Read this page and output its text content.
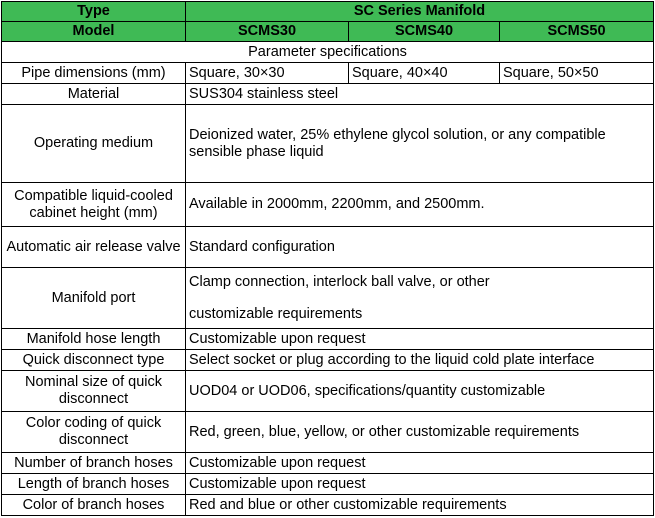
Type	SC Series Manifold		
Model	SCMS30	SCMS40	SCMS50
Parameter specifications			
Pipe dimensions (mm)	Square, 30×30	Square, 40×40	Square, 50×50
Material	SUS304 stainless steel		
Operating medium	Deionized water, 25% ethylene glycol solution, or any compatible sensible phase liquid		
Compatible liquid-cooled cabinet height (mm)	Available in 2000mm, 2200mm, and 2500mm.		
Automatic air release valve	Standard configuration		
Manifold port	Clamp connection, interlock ball valve, or other
customizable requirements		

Manifold hose length	Customizable upon request		
Quick disconnect type	Select socket or plug according to the liquid cold plate interface		
Nominal size of quick disconnect	UOD04 or UOD06, specifications/quantity customizable		
Color coding of quick disconnect	Red, green, blue, yellow, or other customizable requirements		
Number of branch hoses	Customizable upon request		
Length of branch hoses	Customizable upon request		
Color of branch hoses	Red and blue or other customizable requirements		
